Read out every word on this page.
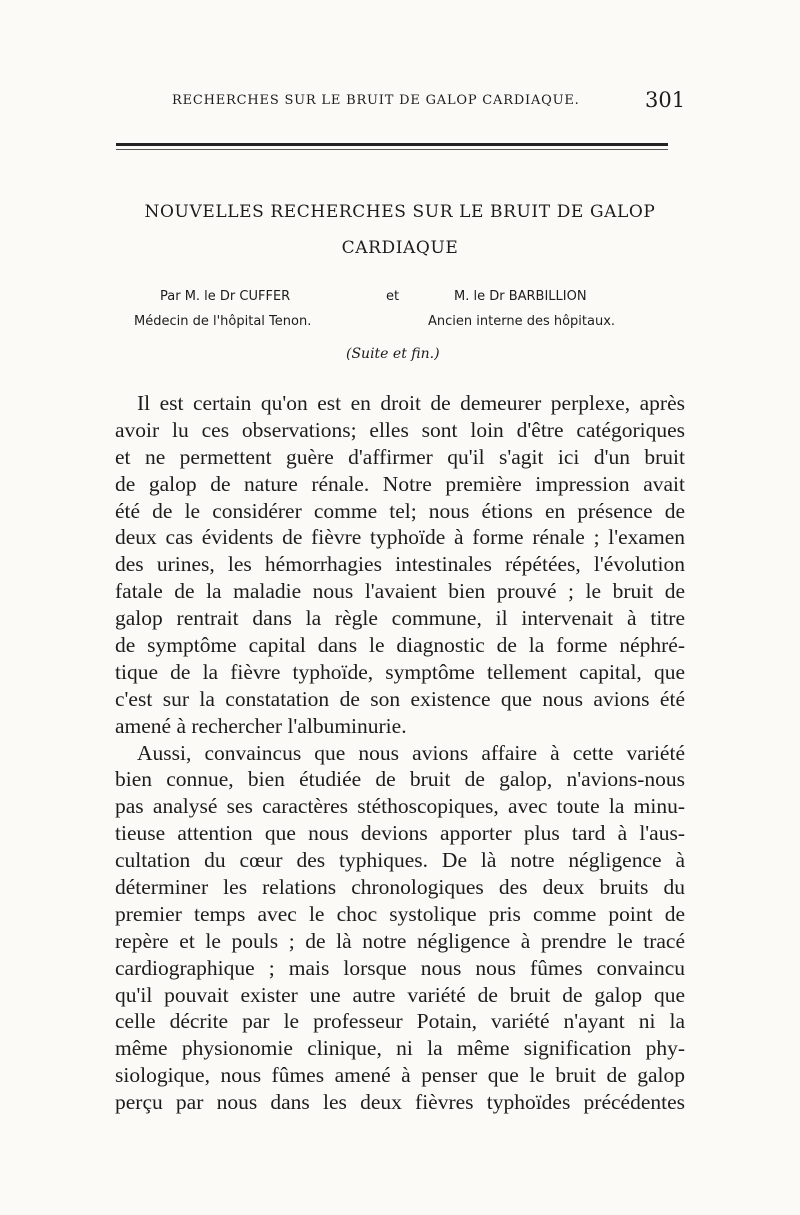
RECHERCHES SUR LE BRUIT DE GALOP CARDIAQUE.	301
NOUVELLES RECHERCHES SUR LE BRUIT DE GALOP
CARDIAQUE
Par M. le Dr CUFFER
Médecin de l'hôpital Tenon.
et	M. le Dr BARBILLION
Ancien interne des hôpitaux.
(Suite et fin.)
Il est certain qu'on est en droit de demeurer perplexe, après
avoir lu ces observations; elles sont loin d'être catégoriques
et ne permettent guère d'affirmer qu'il s'agit ici d'un bruit
de galop de nature rénale. Notre première impression avait
été de le considérer comme tel; nous étions en présence de
deux cas évidents de fièvre typhoïde à forme rénale ; l'examen
des urines, les hémorrhagies intestinales répétées, l'évolution
fatale de la maladie nous l'avaient bien prouvé ; le bruit de
galop rentrait dans la règle commune, il intervenait à titre
de symptôme capital dans le diagnostic de la forme néphré-
tique de la fièvre typhoïde, symptôme tellement capital, que
c'est sur la constatation de son existence que nous avions été
amené à rechercher l'albuminurie.
Aussi, convaincus que nous avions affaire à cette variété
bien connue, bien étudiée de bruit de galop, n'avions-nous
pas analysé ses caractères stéthoscopiques, avec toute la minu-
tieuse attention que nous devions apporter plus tard à l'aus-
cultation du cœur des typhiques. De là notre négligence à
déterminer les relations chronologiques des deux bruits du
premier temps avec le choc systolique pris comme point de
repère et le pouls ; de là notre négligence à prendre le tracé
cardiographique ; mais lorsque nous nous fûmes convaincu
qu'il pouvait exister une autre variété de bruit de galop que
celle décrite par le professeur Potain, variété n'ayant ni la
même physionomie clinique, ni la même signification phy-
siologique, nous fûmes amené à penser que le bruit de galop
perçu par nous dans les deux fièvres typhoïdes précédentes
